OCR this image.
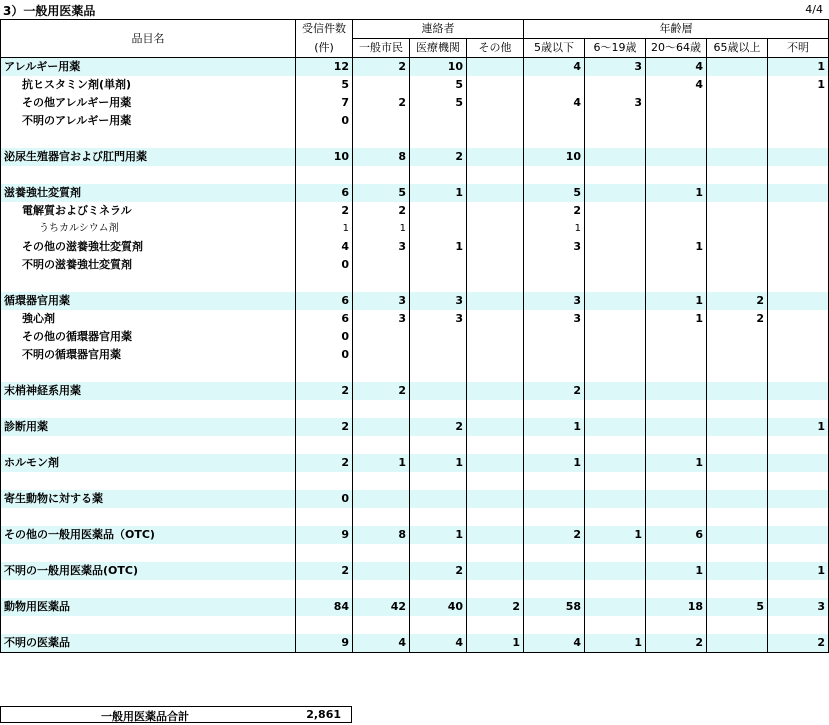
3）一般用医薬品	4/4
品目名	受信件数	連絡者			年齢層				
	(件)	一般市民	医療機関	その他	5歳以下	6～19歳	20～64歳	65歳以上	不明
アレルギー用薬	12	2	10		4	3	4		1
抗ヒスタミン剤(単剤)	5		5				4		1
その他アレルギー用薬	7	2	5		4	3			
不明のアレルギー用薬	0								

泌尿生殖器官および肛門用薬	10	8	2		10				

滋養強壮変質剤	6	5	1		5		1		
電解質およびミネラル	2	2			2				
うちカルシウム剤	1	1			1				
その他の滋養強壮変質剤	4	3	1		3		1		
不明の滋養強壮変質剤	0								

循環器官用薬	6	3	3		3		1	2	
強心剤	6	3	3		3		1	2	
その他の循環器官用薬	0								
不明の循環器官用薬	0								

末梢神経系用薬	2	2			2				

診断用薬	2		2		1				1

ホルモン剤	2	1	1		1		1		

寄生動物に対する薬	0								

その他の一般用医薬品（OTC)	9	8	1		2	1	6		

不明の一般用医薬品(OTC)	2		2				1		1

動物用医薬品	84	42	40	2	58		18	5	3

不明の医薬品	9	4	4	1	4	1	2		2
一般用医薬品合計	2,861
